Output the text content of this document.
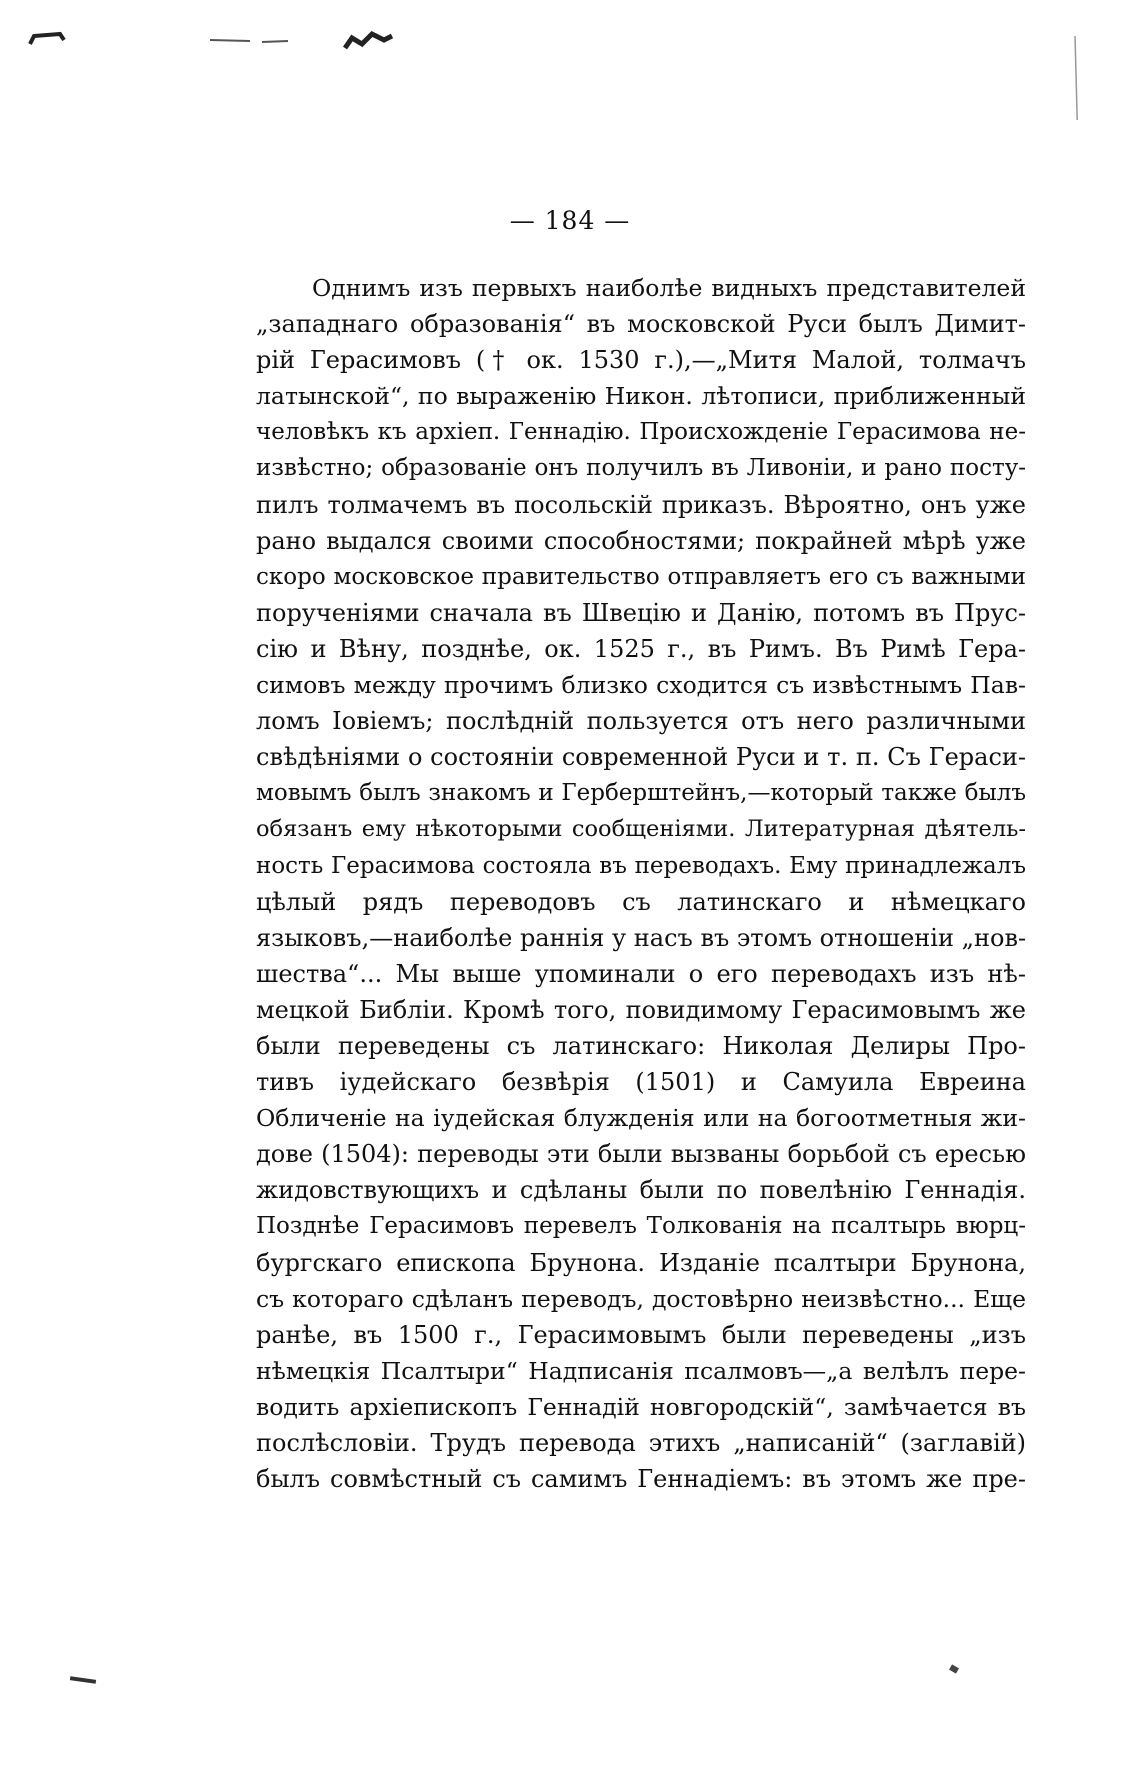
— 184 —
Однимъ изъ первыхъ наиболѣе видныхъ представителей
„западнаго образованія“ въ московской Руси былъ Димит-
рій Герасимовъ († ок. 1530 г.),—„Митя Малой, толмачъ
латынской“, по выраженію Никон. лѣтописи, приближенный
человѣкъ къ архіеп. Геннадію. Происхожденіе Герасимова не-
извѣстно; образованіе онъ получилъ въ Ливоніи, и рано посту-
пилъ толмачемъ въ посольскій приказъ. Вѣроятно, онъ уже
рано выдался своими способностями; покрайней мѣрѣ уже
скоро московское правительство отправляетъ его съ важными
порученіями сначала въ Швецію и Данію, потомъ въ Прус-
сію и Вѣну, позднѣе, ок. 1525 г., въ Римъ. Въ Римѣ Гера-
симовъ между прочимъ близко сходится съ извѣстнымъ Пав-
ломъ Іовіемъ; послѣдній пользуется отъ него различными
свѣдѣніями о состояніи современной Руси и т. п. Съ Гераси-
мовымъ былъ знакомъ и Герберштейнъ,—который также былъ
обязанъ ему нѣкоторыми сообщеніями. Литературная дѣятель-
ность Герасимова состояла въ переводахъ. Ему принадлежалъ
цѣлый рядъ переводовъ съ латинскаго и нѣмецкаго
языковъ,—наиболѣе раннія у насъ въ этомъ отношеніи „нов-
шества“... Мы выше упоминали о его переводахъ изъ нѣ-
мецкой Библіи. Кромѣ того, повидимому Герасимовымъ же
были переведены съ латинскаго: Николая Делиры Про-
тивъ іудейскаго безвѣрія (1501) и Самуила Евреина
Обличеніе на іудейская блужденія или на богоотметныя жи-
дове (1504): переводы эти были вызваны борьбой съ ересью
жидовствующихъ и сдѣланы были по повелѣнію Геннадія.
Позднѣе Герасимовъ перевелъ Толкованія на псалтырь вюрц-
бургскаго епископа Брунона. Изданіе псалтыри Брунона,
съ котораго сдѣланъ переводъ, достовѣрно неизвѣстно... Еще
ранѣе, въ 1500 г., Герасимовымъ были переведены „изъ
нѣмецкія Псалтыри“ Надписанія псалмовъ—„а велѣлъ пере-
водить архіепископъ Геннадій новгородскій“, замѣчается въ
послѣсловіи. Трудъ перевода этихъ „написаній“ (заглавій)
былъ совмѣстный съ самимъ Геннадіемъ: въ этомъ же пре-
